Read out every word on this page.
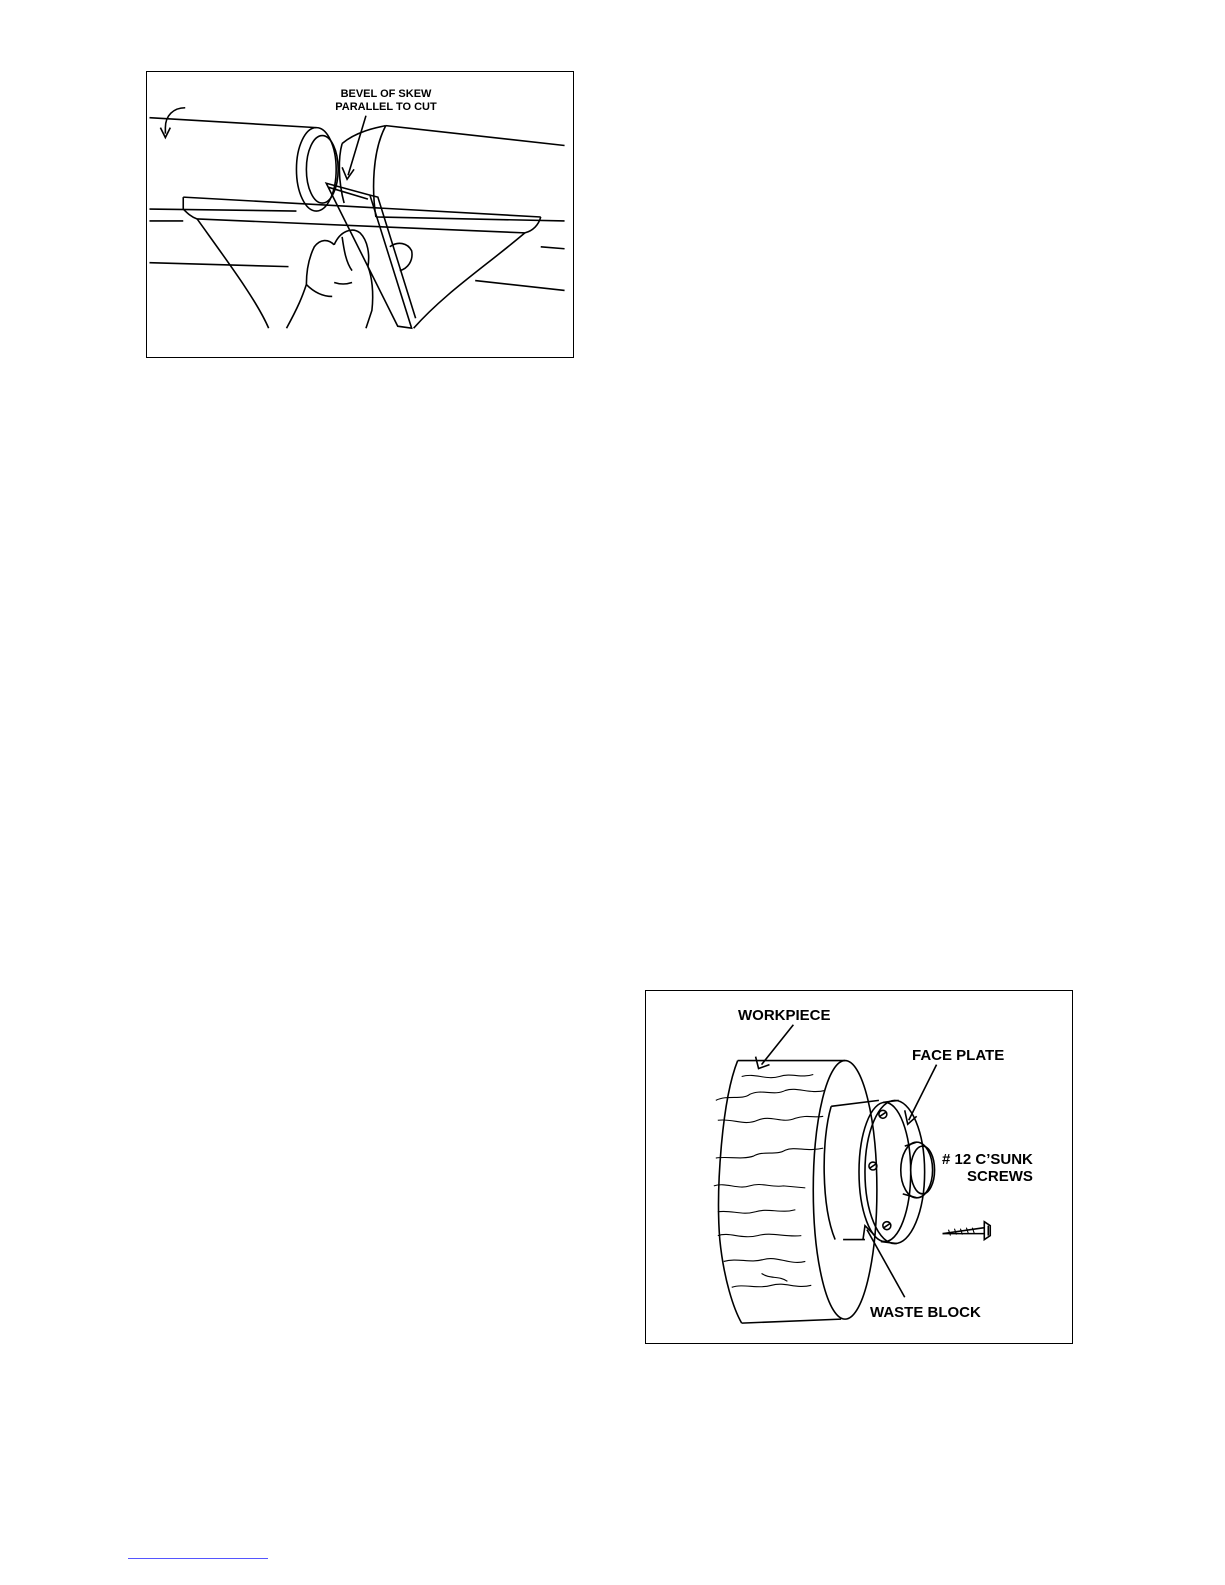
BEVEL OF SKEW
PARALLEL TO CUT
WORKPIECE
FACE PLATE
# 12 C’SUNK
SCREWS
WASTE BLOCK
